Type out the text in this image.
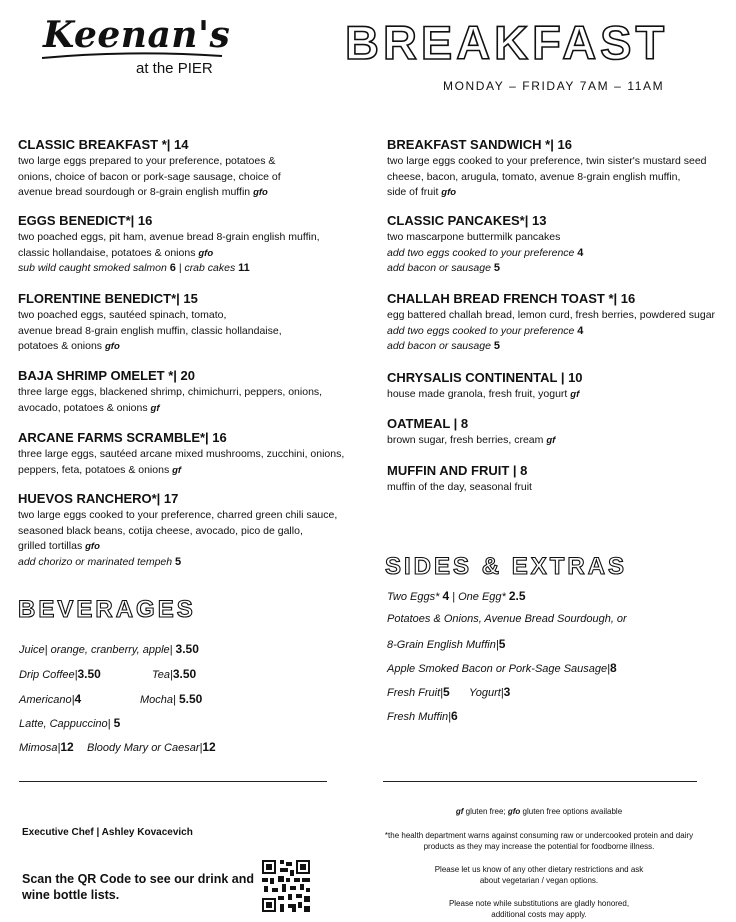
Keenan's
at the PIER	BREAKFAST
MONDAY – FRIDAY 7AM – 11AM
CLASSIC BREAKFAST *| 14
two large eggs prepared to your preference, potatoes &
onions, choice of bacon or pork-sage sausage, choice of
avenue bread sourdough or 8-grain english muffin gfo
EGGS BENEDICT*| 16
two poached eggs, pit ham, avenue bread 8-grain english muffin,
classic hollandaise, potatoes & onions gfo
sub wild caught smoked salmon 6 | crab cakes 11
FLORENTINE BENEDICT*| 15
two poached eggs, sautéed spinach, tomato,
avenue bread 8-grain english muffin, classic hollandaise,
potatoes & onions gfo
BAJA SHRIMP OMELET *| 20
three large eggs, blackened shrimp, chimichurri, peppers, onions,
avocado, potatoes & onions gf
ARCANE FARMS SCRAMBLE*| 16
three large eggs, sautéed arcane mixed mushrooms, zucchini, onions,
peppers, feta, potatoes & onions gf
HUEVOS RANCHERO*| 17
two large eggs cooked to your preference, charred green chili sauce,
seasoned black beans, cotija cheese, avocado, pico de gallo,
grilled tortillas gfo
add chorizo or marinated tempeh 5
BREAKFAST SANDWICH *| 16
two large eggs cooked to your preference, twin sister's mustard seed
cheese, bacon, arugula, tomato, avenue 8-grain english muffin,
side of fruit gfo
CLASSIC PANCAKES*| 13
two mascarpone buttermilk pancakes
add two eggs cooked to your preference 4
add bacon or sausage 5
CHALLAH BREAD FRENCH TOAST *| 16
egg battered challah bread, lemon curd, fresh berries, powdered sugar
add two eggs cooked to your preference 4
add bacon or sausage 5
CHRYSALIS CONTINENTAL | 10
house made granola, fresh fruit, yogurt gf
OATMEAL | 8
brown sugar, fresh berries, cream gf
MUFFIN AND FRUIT | 8
muffin of the day, seasonal fruit
BEVERAGES
Juice| orange, cranberry, apple| 3.50
Drip Coffee|3.50	Tea|3.50
Americano|4	Mocha| 5.50
Latte, Cappuccino| 5
Mimosa|12 Bloody Mary or Caesar|12
SIDES & EXTRAS
Two Eggs* 4 | One Egg* 2.5
Potatoes & Onions, Avenue Bread Sourdough, or
8-Grain English Muffin|5
Apple Smoked Bacon or Pork-Sage Sausage|8
Fresh Fruit|5 Yogurt|3
Fresh Muffin|6
Executive Chef | Ashley Kovacevich
Scan the QR Code to see our drink and wine bottle lists.
gf gluten free; gfo gluten free options available
*the health department warns against consuming raw or undercooked protein and dairy products as they may increase the potential for foodborne illness.
Please let us know of any other dietary restrictions and ask about vegetarian / vegan options.
Please note while substitutions are gladly honored, additional costs may apply.
